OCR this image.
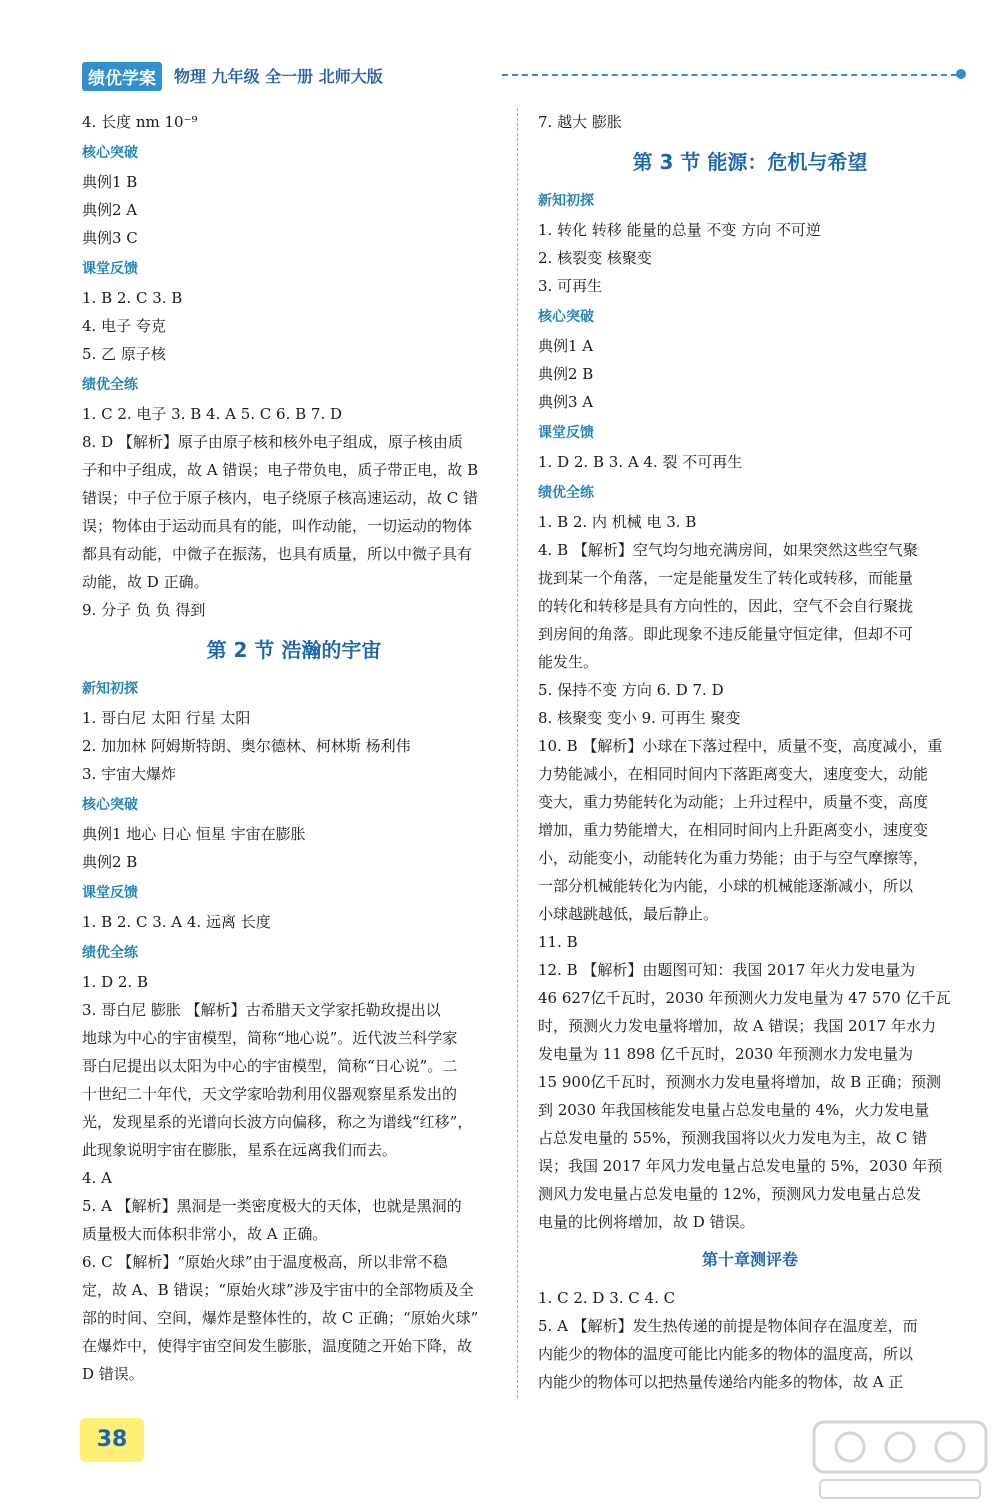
绩优学案	物理 九年级 全一册 北师大版
4. 长度 nm 10⁻⁹
核心突破
典例1 B
典例2 A
典例3 C
课堂反馈
1. B 2. C 3. B
4. 电子 夸克
5. 乙 原子核
绩优全练
1. C 2. 电子 3. B 4. A 5. C 6. B 7. D
8. D 【解析】原子由原子核和核外电子组成，原子核由质
子和中子组成，故 A 错误；电子带负电，质子带正电，故 B
错误；中子位于原子核内，电子绕原子核高速运动，故 C 错
误；物体由于运动而具有的能，叫作动能，一切运动的物体
都具有动能，中微子在振荡，也具有质量，所以中微子具有
动能，故 D 正确。
9. 分子 负 负 得到
第 2 节 浩瀚的宇宙
新知初探
1. 哥白尼 太阳 行星 太阳
2. 加加林 阿姆斯特朗、奥尔德林、柯林斯 杨利伟
3. 宇宙大爆炸
核心突破
典例1 地心 日心 恒星 宇宙在膨胀
典例2 B
课堂反馈
1. B 2. C 3. A 4. 远离 长度
绩优全练
1. D 2. B
3. 哥白尼 膨胀 【解析】古希腊天文学家托勒玫提出以
地球为中心的宇宙模型，简称“地心说”。近代波兰科学家
哥白尼提出以太阳为中心的宇宙模型，简称“日心说”。二
十世纪二十年代，天文学家哈勃利用仪器观察星系发出的
光，发现星系的光谱向长波方向偏移，称之为谱线“红移”，
此现象说明宇宙在膨胀，星系在远离我们而去。
4. A
5. A 【解析】黑洞是一类密度极大的天体，也就是黑洞的
质量极大而体积非常小，故 A 正确。
6. C 【解析】“原始火球”由于温度极高，所以非常不稳
定，故 A、B 错误；“原始火球”涉及宇宙中的全部物质及全
部的时间、空间，爆炸是整体性的，故 C 正确；“原始火球”
在爆炸中，使得宇宙空间发生膨胀，温度随之开始下降，故
D 错误。
7. 越大 膨胀
第 3 节 能源：危机与希望
新知初探
1. 转化 转移 能量的总量 不变 方向 不可逆
2. 核裂变 核聚变
3. 可再生
核心突破
典例1 A
典例2 B
典例3 A
课堂反馈
1. D 2. B 3. A 4. 裂 不可再生
绩优全练
1. B 2. 内 机械 电 3. B
4. B 【解析】空气均匀地充满房间，如果突然这些空气聚
拢到某一个角落，一定是能量发生了转化或转移，而能量
的转化和转移是具有方向性的，因此，空气不会自行聚拢
到房间的角落。即此现象不违反能量守恒定律，但却不可
能发生。
5. 保持不变 方向 6. D 7. D
8. 核聚变 变小 9. 可再生 聚变
10. B 【解析】小球在下落过程中，质量不变，高度减小，重
力势能减小，在相同时间内下落距离变大，速度变大，动能
变大，重力势能转化为动能；上升过程中，质量不变，高度
增加，重力势能增大，在相同时间内上升距离变小，速度变
小，动能变小，动能转化为重力势能；由于与空气摩擦等，
一部分机械能转化为内能，小球的机械能逐渐减小，所以
小球越跳越低，最后静止。
11. B
12. B 【解析】由题图可知：我国 2017 年火力发电量为
46 627亿千瓦时，2030 年预测火力发电量为 47 570 亿千瓦
时，预测火力发电量将增加，故 A 错误；我国 2017 年水力
发电量为 11 898 亿千瓦时，2030 年预测水力发电量为
15 900亿千瓦时，预测水力发电量将增加，故 B 正确；预测
到 2030 年我国核能发电量占总发电量的 4%，火力发电量
占总发电量的 55%，预测我国将以火力发电为主，故 C 错
误；我国 2017 年风力发电量占总发电量的 5%，2030 年预
测风力发电量占总发电量的 12%，预测风力发电量占总发
电量的比例将增加，故 D 错误。
第十章测评卷
1. C 2. D 3. C 4. C
5. A 【解析】发生热传递的前提是物体间存在温度差，而
内能少的物体的温度可能比内能多的物体的温度高，所以
内能少的物体可以把热量传递给内能多的物体，故 A 正
38
